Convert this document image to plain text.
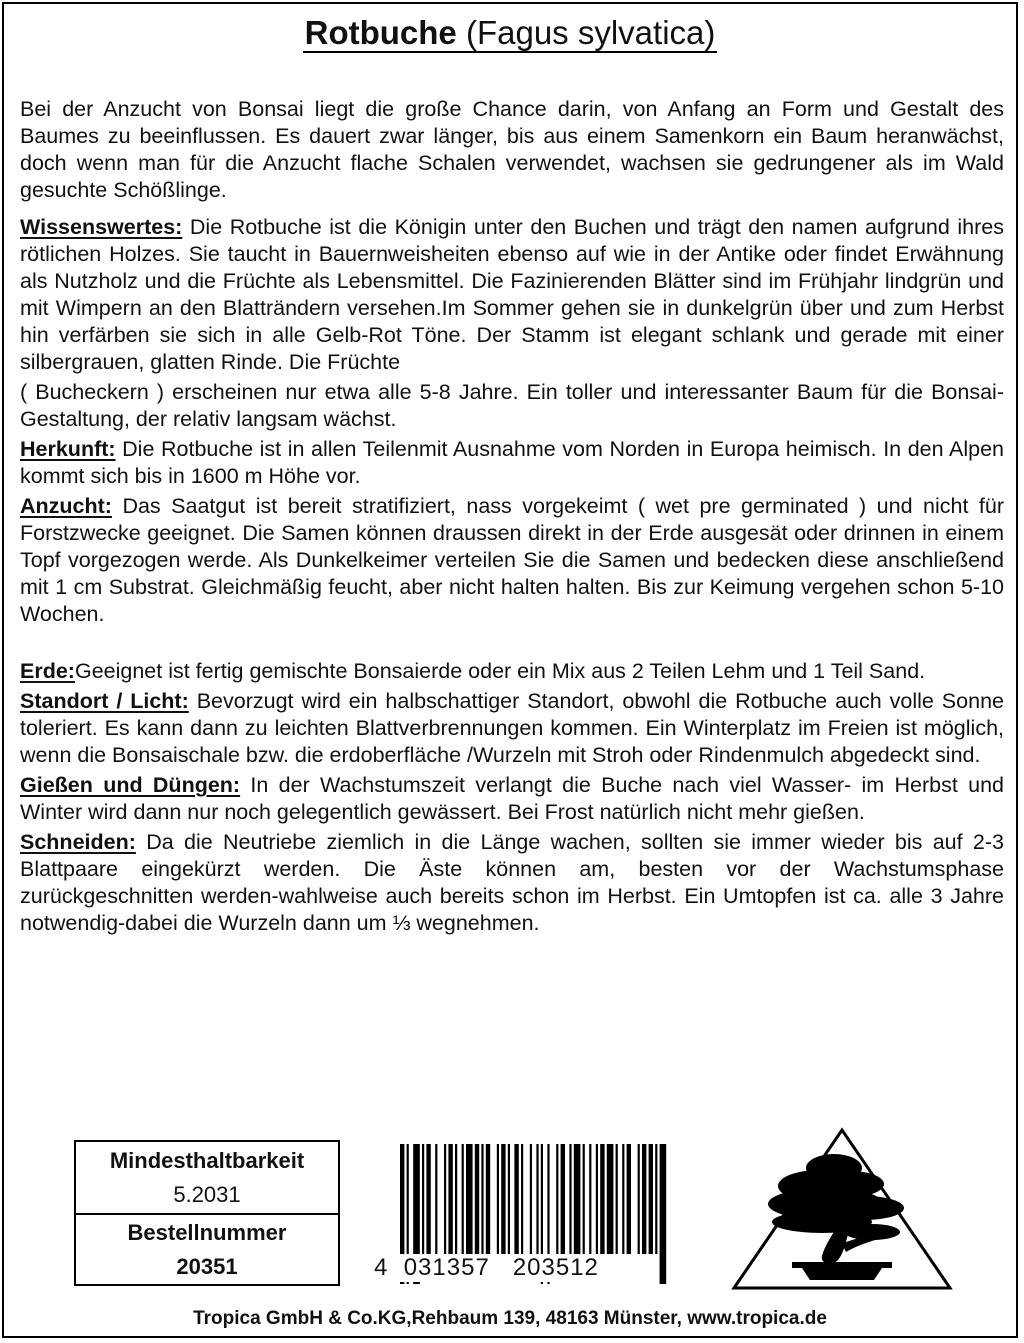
Rotbuche (Fagus sylvatica)

Bei der Anzucht von Bonsai liegt die große Chance darin, von Anfang an Form und Gestalt des Baumes zu beeinflussen. Es dauert zwar länger, bis aus einem Samenkorn ein Baum heranwächst, doch wenn man für die Anzucht flache Schalen verwendet, wachsen sie gedrungener als im Wald gesuchte Schößlinge.

Wissenswertes: Die Rotbuche ist die Königin unter den Buchen und trägt den namen aufgrund ihres rötlichen Holzes. Sie taucht in Bauernweisheiten ebenso auf wie in der Antike oder findet Erwähnung als Nutzholz und die Früchte als Lebensmittel. Die Fazinierenden Blätter sind im Frühjahr lindgrün und mit Wimpern an den Blatträndern versehen.Im Sommer gehen sie in dunkelgrün über und zum Herbst hin verfärben sie sich in alle Gelb-Rot Töne. Der Stamm ist elegant schlank und gerade mit einer silbergrauen, glatten Rinde. Die Früchte

( Bucheckern ) erscheinen nur etwa alle 5-8 Jahre. Ein toller und interessanter Baum für die Bonsai-Gestaltung, der relativ langsam wächst.

Herkunft: Die Rotbuche ist in allen Teilenmit Ausnahme vom Norden in Europa heimisch. In den Alpen kommt sich bis in 1600 m Höhe vor.

Anzucht: Das Saatgut ist bereit stratifiziert, nass vorgekeimt ( wet pre germinated ) und nicht für Forstzwecke geeignet. Die Samen können draussen direkt in der Erde ausgesät oder drinnen in einem Topf vorgezogen werde. Als Dunkelkeimer verteilen Sie die Samen und bedecken diese anschließend mit 1 cm Substrat. Gleichmäßig feucht, aber nicht halten halten. Bis zur Keimung vergehen schon 5-10 Wochen.

Erde:Geeignet ist fertig gemischte Bonsaierde oder ein Mix aus 2 Teilen Lehm und 1 Teil Sand.

Standort / Licht: Bevorzugt wird ein halbschattiger Standort, obwohl die Rotbuche auch volle Sonne toleriert. Es kann dann zu leichten Blattverbrennungen kommen. Ein Winterplatz im Freien ist möglich, wenn die Bonsaischale bzw. die erdoberfläche /Wurzeln mit Stroh oder Rindenmulch abgedeckt sind.

Gießen und Düngen: In der Wachstumszeit verlangt die Buche nach viel Wasser- im Herbst und Winter wird dann nur noch gelegentlich gewässert. Bei Frost natürlich nicht mehr gießen.

Schneiden: Da die Neutriebe ziemlich in die Länge wachen, sollten sie immer wieder bis auf 2-3 Blattpaare eingekürzt werden. Die Äste können am, besten vor der Wachstumsphase zurückgeschnitten werden-wahlweise auch bereits schon im Herbst. Ein Umtopfen ist ca. alle 3 Jahre notwendig-dabei die Wurzeln dann um ⅓ wegnehmen.

Mindesthaltbarkeit
5.2031
Bestellnummer
20351	4 031357 203512
Tropica GmbH & Co.KG,Rehbaum 139, 48163 Münster, www.tropica.de
